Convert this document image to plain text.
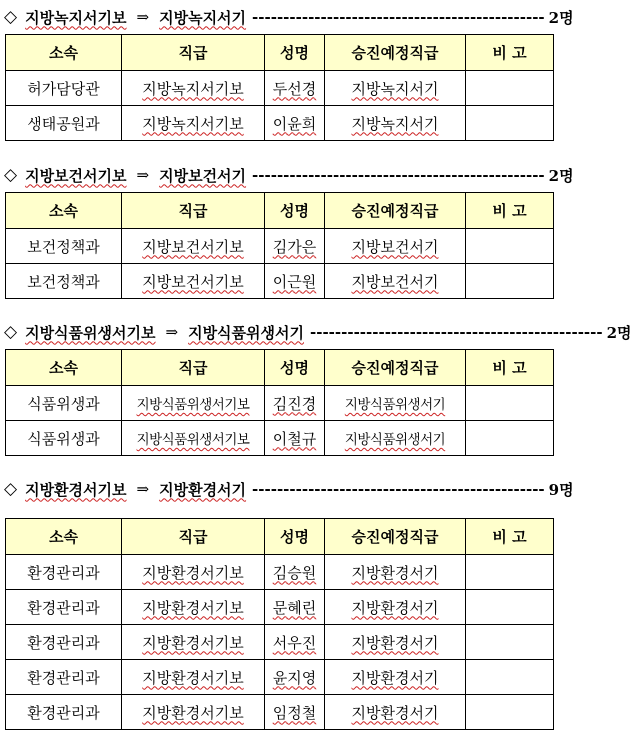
◇ 지방녹지서기보 ⇒ 지방녹지서기 ----------------------------------------------- 2명
소속	직급	성명	승진예정직급	비 고
허가담당관	지방녹지서기보	두선경	지방녹지서기	
생태공원과	지방녹지서기보	이윤희	지방녹지서기	
◇ 지방보건서기보 ⇒ 지방보건서기 ----------------------------------------------- 2명
소속	직급	성명	승진예정직급	비 고
보건정책과	지방보건서기보	김가은	지방보건서기	
보건정책과	지방보건서기보	이근원	지방보건서기	
◇ 지방식품위생서기보 ⇒ 지방식품위생서기 ----------------------------------------------- 2명
소속	직급	성명	승진예정직급	비 고
식품위생과	지방식품위생서기보	김진경	지방식품위생서기	
식품위생과	지방식품위생서기보	이철규	지방식품위생서기	
◇ 지방환경서기보 ⇒ 지방환경서기 ----------------------------------------------- 9명
소속	직급	성명	승진예정직급	비 고
환경관리과	지방환경서기보	김승원	지방환경서기	
환경관리과	지방환경서기보	문혜린	지방환경서기	
환경관리과	지방환경서기보	서우진	지방환경서기	
환경관리과	지방환경서기보	윤지영	지방환경서기	
환경관리과	지방환경서기보	임정철	지방환경서기	
